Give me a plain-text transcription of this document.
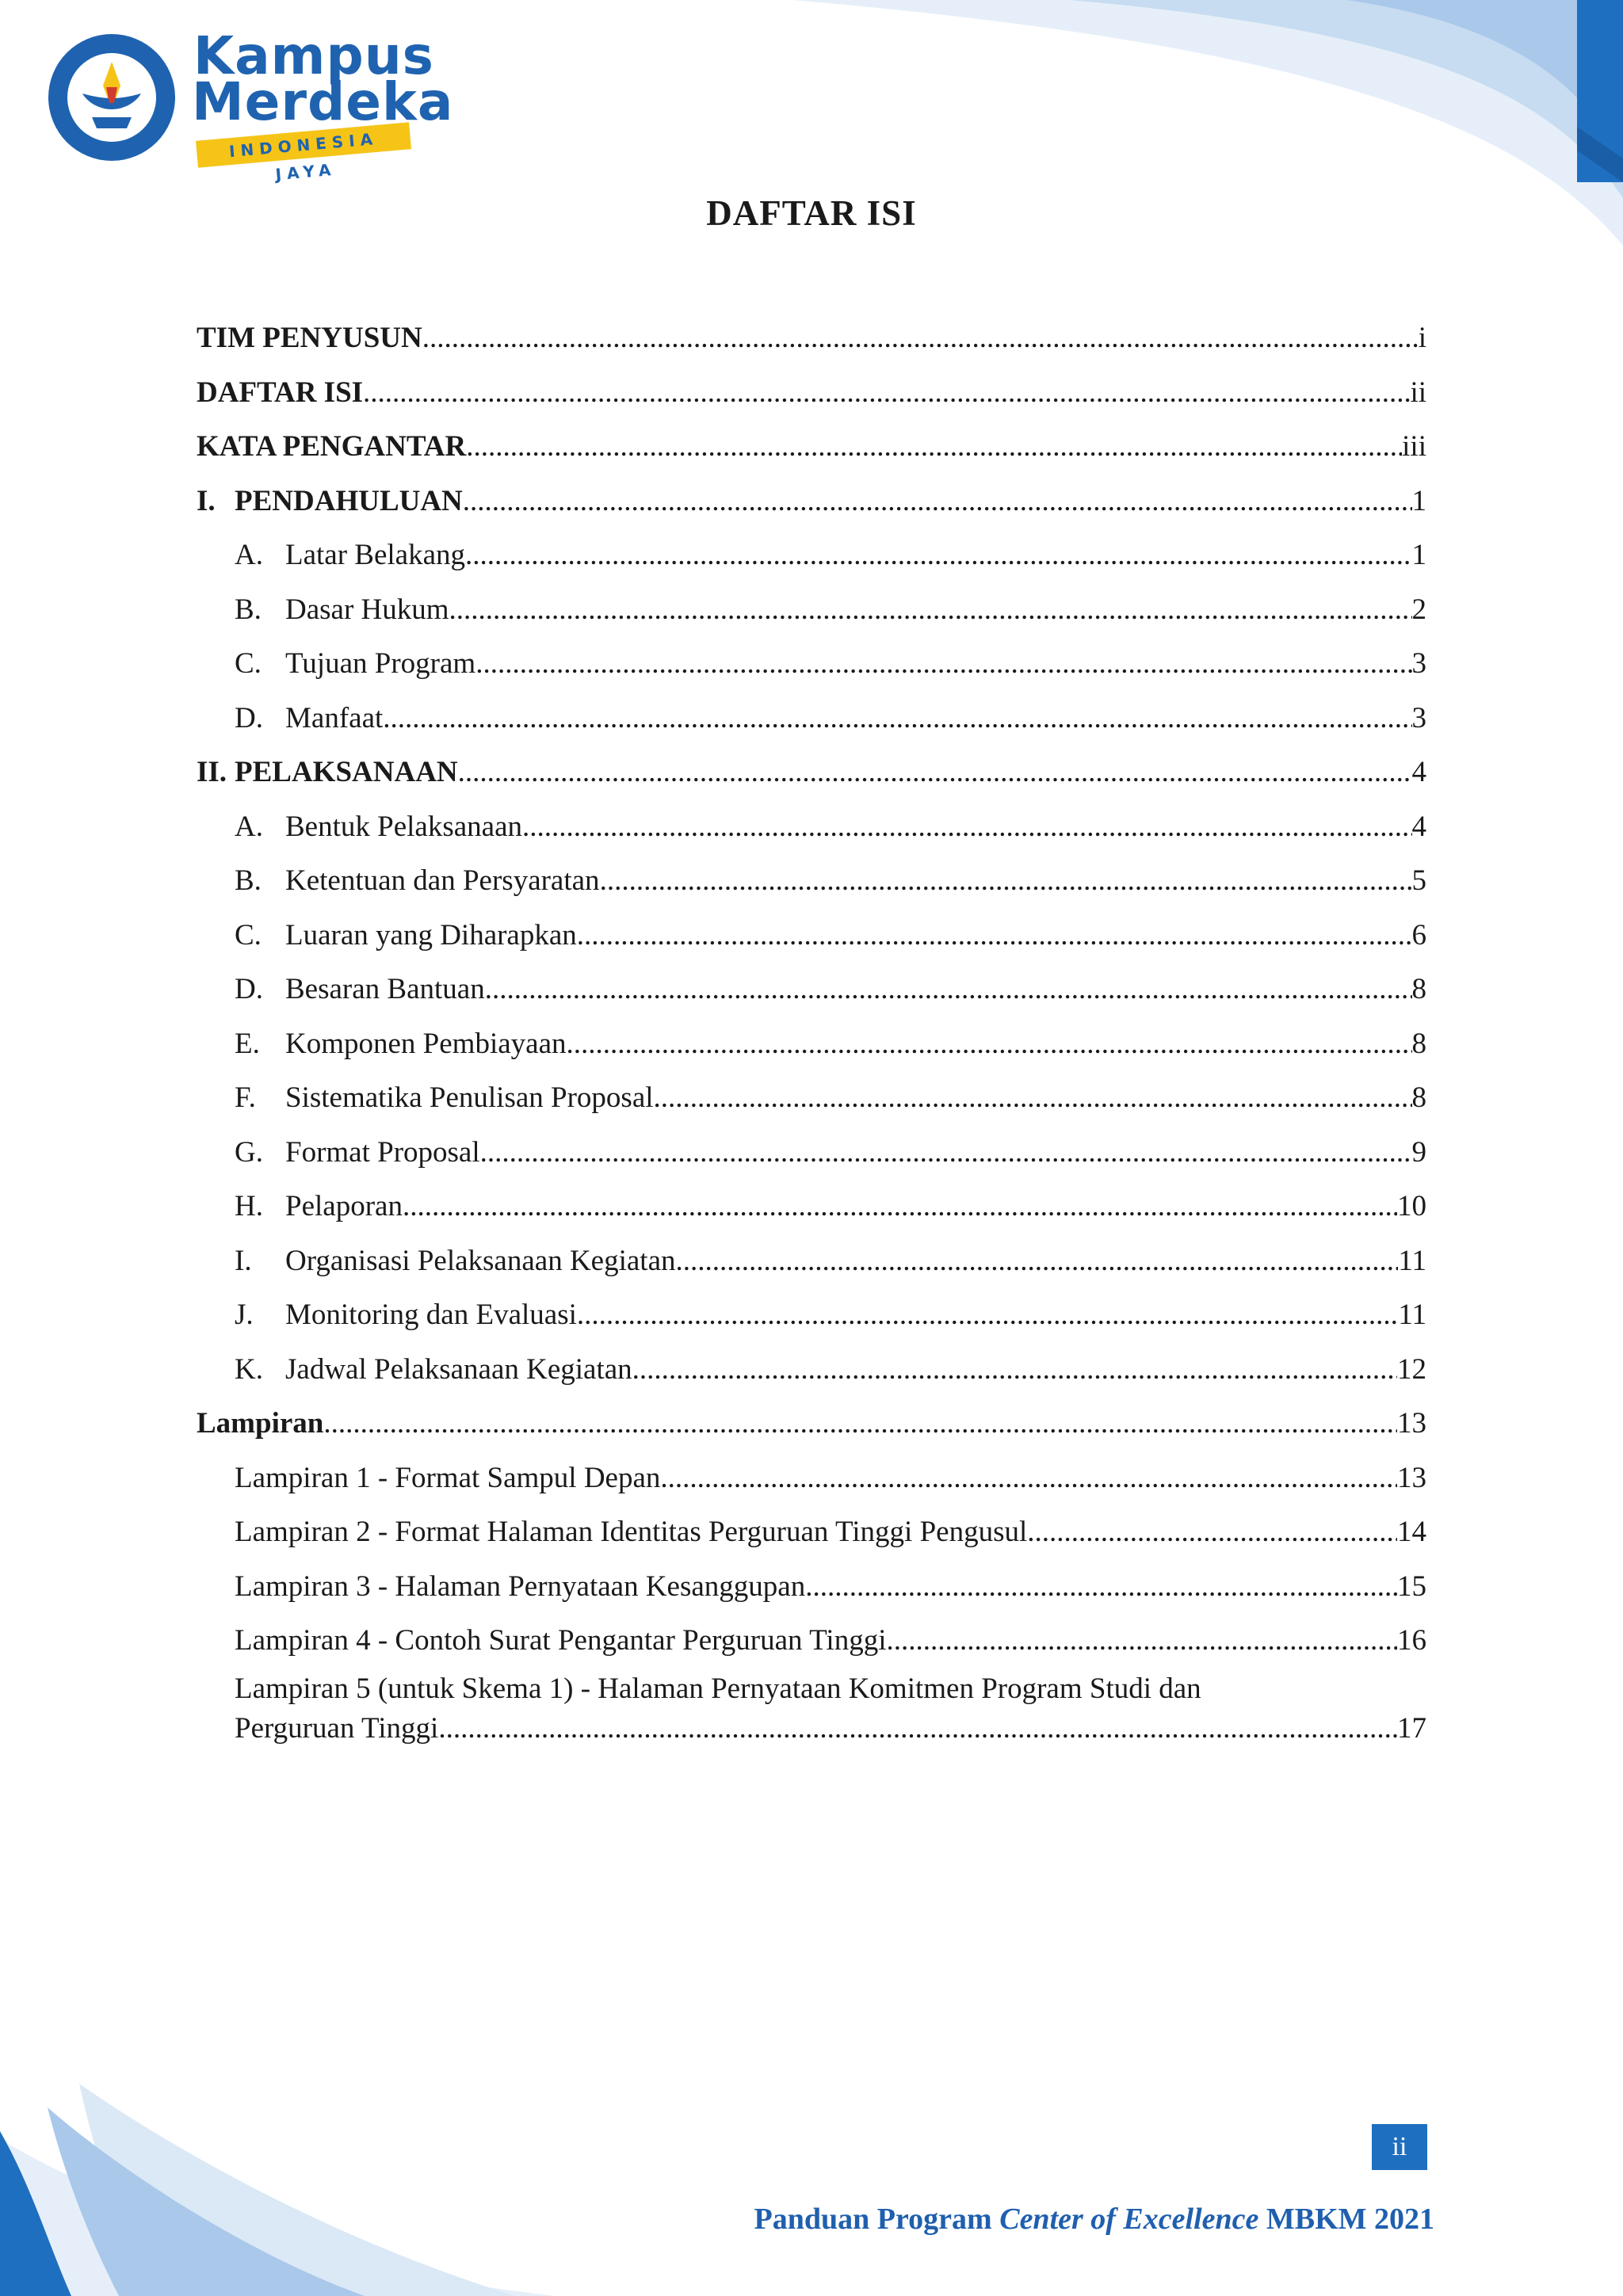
Kampus
Merdeka
INDONESIA JAYA
DAFTAR ISI
TIM PENYUSUN .....	i
DAFTAR ISI .....	ii
KATA PENGANTAR .....	iii
I. PENDAHULUAN .....	1
A. Latar Belakang .....	1
B. Dasar Hukum .....	2
C. Tujuan Program .....	3
D. Manfaat .....	3
II. PELAKSANAAN .....	4
A. Bentuk Pelaksanaan .....	4
B. Ketentuan dan Persyaratan .....	5
C. Luaran yang Diharapkan .....	6
D. Besaran Bantuan .....	8
E. Komponen Pembiayaan .....	8
F.	Sistematika Penulisan Proposal .....	8
G. Format Proposal .....	9
H. Pelaporan .....	10
I.	Organisasi Pelaksanaan Kegiatan .....	11
J.	Monitoring dan Evaluasi .....	11
K. Jadwal Pelaksanaan Kegiatan .....	12
Lampiran .....	13
Lampiran 1 - Format Sampul Depan .....	13
Lampiran 2 - Format Halaman Identitas Perguruan Tinggi Pengusul .....	14
Lampiran 3 - Halaman Pernyataan Kesanggupan .....	15
Lampiran 4 - Contoh Surat Pengantar Perguruan Tinggi .....	16
Lampiran 5 (untuk Skema 1) - Halaman Pernyataan Komitmen Program Studi dan
Perguruan Tinggi .....	17
ii
Panduan Program Center of Excellence MBKM 2021
